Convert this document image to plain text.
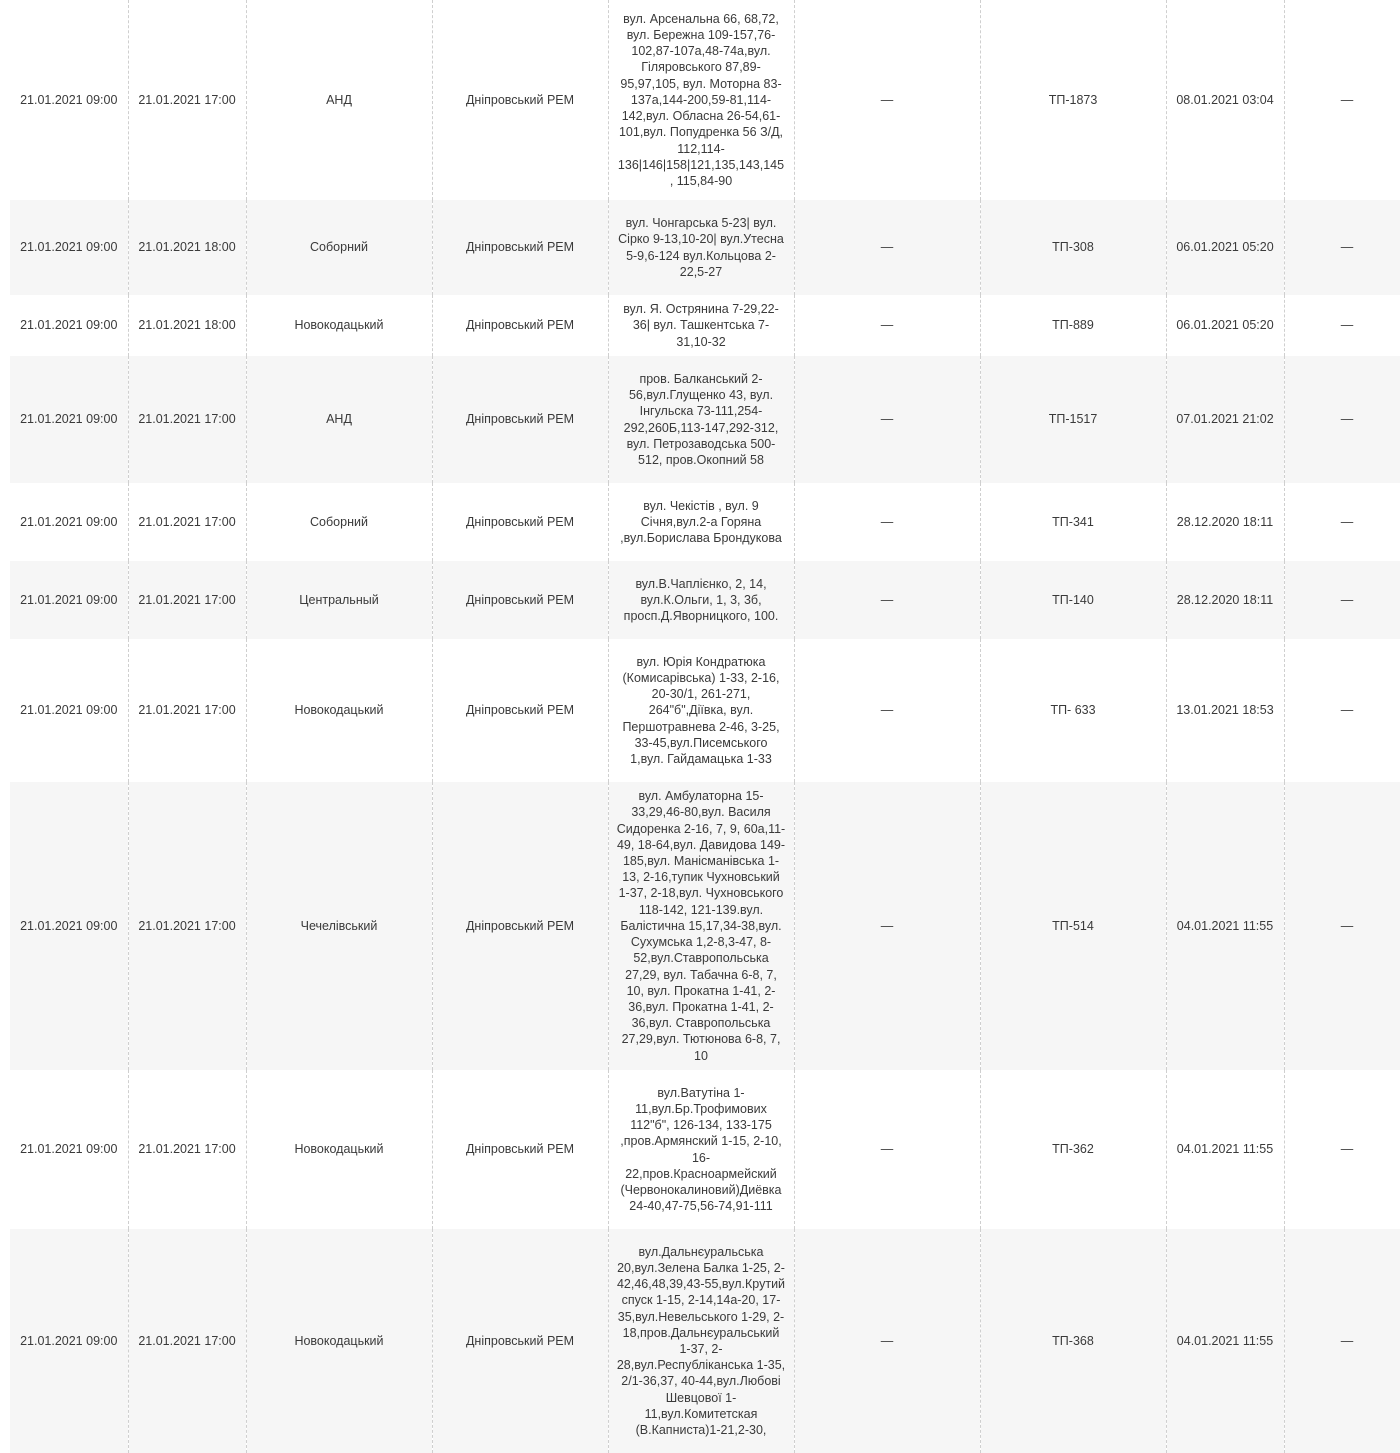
21.01.2021 09:00	21.01.2021 17:00	АНД	Дніпровський РЕМ	вул. Арсенальна 66, 68,72, вул. Бережна 109-157,76-102,87-107а,48-74а,вул. Гіляровського 87,89-95,97,105, вул. Моторна 83-137а,144-200,59-81,114-142,вул. Обласна 26-54,61-101,вул. Попудренка 56 З/Д, 112,114-136|146|158|121,135,143,145, 115,84-90	—	ТП-1873	08.01.2021 03:04	—
21.01.2021 09:00	21.01.2021 18:00	Соборний	Дніпровський РЕМ	вул. Чонгарська 5-23| вул. Сірко 9-13,10-20| вул.Утесна 5-9,6-124 вул.Кольцова 2-22,5-27	—	ТП-308	06.01.2021 05:20	—
21.01.2021 09:00	21.01.2021 18:00	Новокодацький	Дніпровський РЕМ	вул. Я. Острянина 7-29,22-36| вул. Ташкентська 7-31,10-32	—	ТП-889	06.01.2021 05:20	—
21.01.2021 09:00	21.01.2021 17:00	АНД	Дніпровський РЕМ	пров. Балканський 2-56,вул.Глущенко 43, вул. Інгульска 73-111,254-292,260Б,113-147,292-312, вул. Петрозаводська 500-512, пров.Окопний 58	—	ТП-1517	07.01.2021 21:02	—
21.01.2021 09:00	21.01.2021 17:00	Соборний	Дніпровський РЕМ	вул. Чекістів , вул. 9 Січня,вул.2-а Горяна ,вул.Борислава Брондукова	—	ТП-341	28.12.2020 18:11	—
21.01.2021 09:00	21.01.2021 17:00	Центральный	Дніпровський РЕМ	вул.В.Чаплієнко, 2, 14, вул.К.Ольги, 1, 3, 3б, просп.Д.Яворницкого, 100.	—	ТП-140	28.12.2020 18:11	—
21.01.2021 09:00	21.01.2021 17:00	Новокодацький	Дніпровський РЕМ	вул. Юрія Кондратюка (Комисарівська) 1-33, 2-16, 20-30/1, 261-271, 264"б",Діївка, вул. Першотравнева 2-46, 3-25, 33-45,вул.Писемського 1,вул. Гайдамацька 1-33	—	ТП- 633	13.01.2021 18:53	—
21.01.2021 09:00	21.01.2021 17:00	Чечелівський	Дніпровський РЕМ	вул. Амбулаторна 15-33,29,46-80,вул. Василя Сидоренка 2-16, 7, 9, 60а,11-49, 18-64,вул. Давидова 149-185,вул. Манісманівська 1-13, 2-16,тупик Чухновський 1-37, 2-18,вул. Чухновського 118-142, 121-139.вул. Балістична 15,17,34-38,вул. Сухумська 1,2-8,3-47, 8-52,вул.Ставропольська 27,29, вул. Табачна 6-8, 7, 10, вул. Прокатна 1-41, 2-36,вул. Прокатна 1-41, 2-36,вул. Ставропольська 27,29,вул. Тютюнова 6-8, 7, 10	—	ТП-514	04.01.2021 11:55	—
21.01.2021 09:00	21.01.2021 17:00	Новокодацький	Дніпровський РЕМ	вул.Ватутіна 1-11,вул.Бр.Трофимових 112"б", 126-134, 133-175 ,пров.Армянский 1-15, 2-10, 16-22,пров.Красноармейский (Червонокалиновий)Диёвка 24-40,47-75,56-74,91-111	—	ТП-362	04.01.2021 11:55	—
21.01.2021 09:00	21.01.2021 17:00	Новокодацький	Дніпровський РЕМ	вул.Дальнєуральська 20,вул.Зелена Балка 1-25, 2-42,46,48,39,43-55,вул.Крутий спуск 1-15, 2-14,14а-20, 17-35,вул.Невельського 1-29, 2-18,пров.Дальнєуральський 1-37, 2-28,вул.Республіканська 1-35, 2/1-36,37, 40-44,вул.Любові Шевцової 1-11,вул.Комитетская (В.Капниста)1-21,2-30,	—	ТП-368	04.01.2021 11:55	—
